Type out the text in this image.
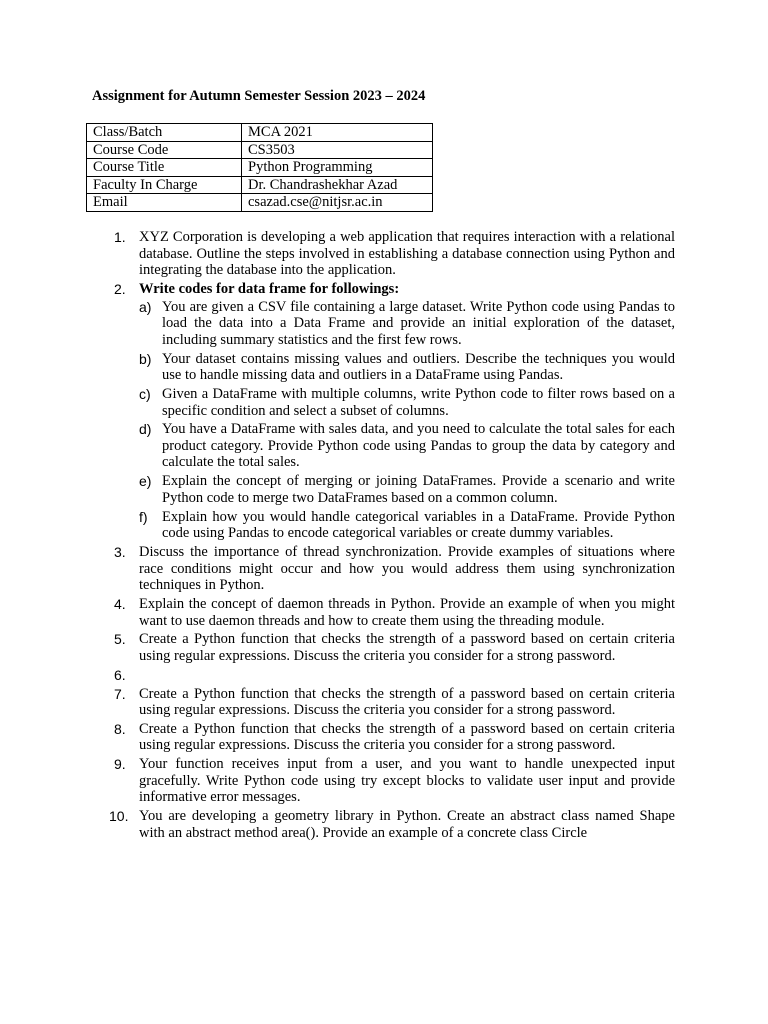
Assignment for Autumn Semester Session 2023 – 2024
Class/Batch	MCA 2021
Course Code	CS3503
Course Title	Python Programming
Faculty In Charge	Dr. Chandrashekhar Azad
Email	csazad.cse@nitjsr.ac.in
1. XYZ Corporation is developing a web application that requires interaction with a relational database. Outline the steps involved in establishing a database connection using Python and integrating the database into the application.
2. Write codes for data frame for followings:
a) You are given a CSV file containing a large dataset. Write Python code using Pandas to load the data into a Data Frame and provide an initial exploration of the dataset, including summary statistics and the first few rows.
b) Your dataset contains missing values and outliers. Describe the techniques you would use to handle missing data and outliers in a DataFrame using Pandas.
c) Given a DataFrame with multiple columns, write Python code to filter rows based on a specific condition and select a subset of columns.
d) You have a DataFrame with sales data, and you need to calculate the total sales for each product category. Provide Python code using Pandas to group the data by category and calculate the total sales.
e) Explain the concept of merging or joining DataFrames. Provide a scenario and write Python code to merge two DataFrames based on a common column.
f) Explain how you would handle categorical variables in a DataFrame. Provide Python code using Pandas to encode categorical variables or create dummy variables.
3. Discuss the importance of thread synchronization. Provide examples of situations where race conditions might occur and how you would address them using synchronization techniques in Python.
4. Explain the concept of daemon threads in Python. Provide an example of when you might want to use daemon threads and how to create them using the threading module.
5. Create a Python function that checks the strength of a password based on certain criteria using regular expressions. Discuss the criteria you consider for a strong password.
6.
7. Create a Python function that checks the strength of a password based on certain criteria using regular expressions. Discuss the criteria you consider for a strong password.
8. Create a Python function that checks the strength of a password based on certain criteria using regular expressions. Discuss the criteria you consider for a strong password.
9. Your function receives input from a user, and you want to handle unexpected input gracefully. Write Python code using try except blocks to validate user input and provide informative error messages.
10. You are developing a geometry library in Python. Create an abstract class named Shape with an abstract method area(). Provide an example of a concrete class Circle
